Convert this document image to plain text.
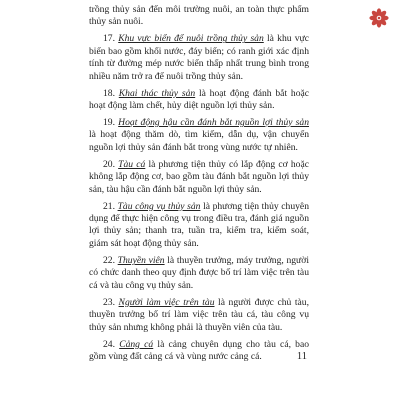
trồng thủy sản đến môi trường nuôi, an toàn thực phẩm thủy sản nuôi.

17. Khu vực biển để nuôi trồng thủy sản là khu vực biển bao gồm khối nước, đáy biển; có ranh giới xác định tính từ đường mép nước biển thấp nhất trung bình trong nhiều năm trở ra để nuôi trồng thủy sản.

18. Khai thác thủy sản là hoạt động đánh bắt hoặc hoạt động làm chết, hủy diệt nguồn lợi thủy sản.

19. Hoạt động hậu cần đánh bắt nguồn lợi thủy sản là hoạt động thăm dò, tìm kiếm, dẫn dụ, vận chuyển nguồn lợi thủy sản đánh bắt trong vùng nước tự nhiên.

20. Tàu cá là phương tiện thủy có lắp động cơ hoặc không lắp động cơ, bao gồm tàu đánh bắt nguồn lợi thủy sản, tàu hậu cần đánh bắt nguồn lợi thủy sản.

21. Tàu công vụ thủy sản là phương tiện thủy chuyên dụng để thực hiện công vụ trong điều tra, đánh giá nguồn lợi thủy sản; thanh tra, tuần tra, kiểm tra, kiểm soát, giám sát hoạt động thủy sản.

22. Thuyền viên là thuyền trưởng, máy trưởng, người có chức danh theo quy định được bố trí làm việc trên tàu cá và tàu công vụ thủy sản.

23. Người làm việc trên tàu là người được chủ tàu, thuyền trưởng bố trí làm việc trên tàu cá, tàu công vụ thủy sản nhưng không phải là thuyền viên của tàu.

24. Cảng cá là cảng chuyên dụng cho tàu cá, bao gồm vùng đất cảng cá và vùng nước cảng cá.	11
